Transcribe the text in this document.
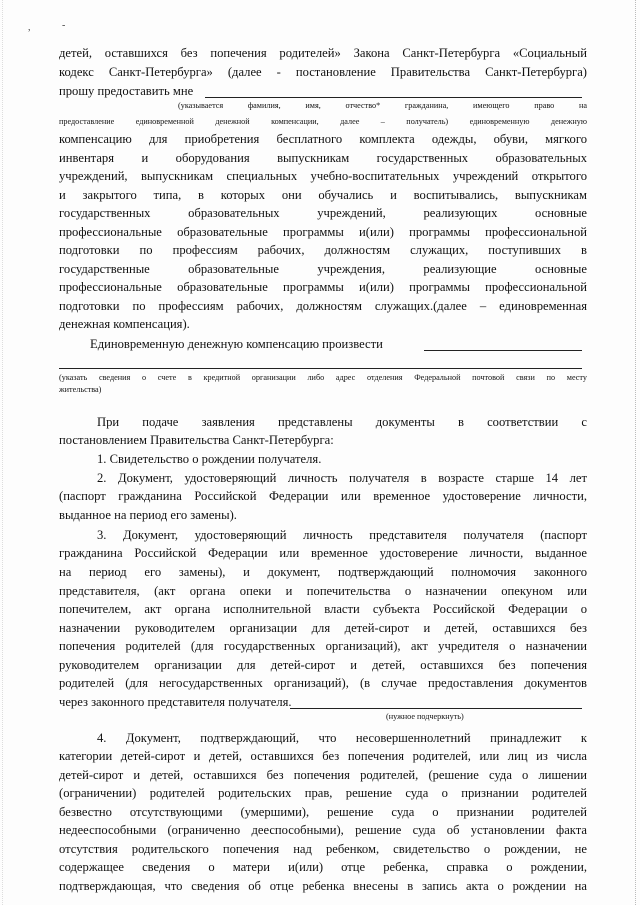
,	-
детей, оставшихся без попечения родителей» Закона Санкт-Петербурга «Социальный
кодекс Санкт-Петербурга» (далее - постановление Правительства Санкт-Петербурга)
прошу предоставить мне
(указывается фамилия, имя, отчество* гражданина, имеющего право на
предоставление единовременной денежной компенсации, далее – получатель) единовременную денежную
компенсацию для приобретения бесплатного комплекта одежды, обуви, мягкого
инвентаря и оборудования выпускникам государственных образовательных
учреждений, выпускникам специальных учебно-воспитательных учреждений открытого
и закрытого типа, в которых они обучались и воспитывались, выпускникам
государственных образовательных учреждений, реализующих основные
профессиональные образовательные программы и(или) программы профессиональной
подготовки по профессиям рабочих, должностям служащих, поступивших в
государственные образовательные учреждения, реализующие основные
профессиональные образовательные программы и(или) программы профессиональной
подготовки по профессиям рабочих, должностям служащих.(далее – единовременная
денежная компенсация).
Единовременную денежную компенсацию произвести
(указать сведения о счете в кредитной организации либо адрес отделения Федеральной почтовой связи по месту
жительства)
При подаче заявления представлены документы в соответствии с
постановлением Правительства Санкт-Петербурга:
1. Свидетельство о рождении получателя.
2. Документ, удостоверяющий личность получателя в возрасте старше 14 лет
(паспорт гражданина Российской Федерации или временное удостоверение личности,
выданное на период его замены).
3. Документ, удостоверяющий личность представителя получателя (паспорт
гражданина Российской Федерации или временное удостоверение личности, выданное
на период его замены), и документ, подтверждающий полномочия законного
представителя, (акт органа опеки и попечительства о назначении опекуном или
попечителем, акт органа исполнительной власти субъекта Российской Федерации о
назначении руководителем организации для детей-сирот и детей, оставшихся без
попечения родителей (для государственных организаций), акт учредителя о назначении
руководителем организации для детей-сирот и детей, оставшихся без попечения
родителей (для негосударственных организаций), (в случае предоставления документов
через законного представителя получателя.
(нужное подчеркнуть)
4. Документ, подтверждающий, что несовершеннолетний принадлежит к
категории детей-сирот и детей, оставшихся без попечения родителей, или лиц из числа
детей-сирот и детей, оставшихся без попечения родителей, (решение суда о лишении
(ограничении) родителей родительских прав, решение суда о признании родителей
безвестно отсутствующими (умершими), решение суда о признании родителей
недееспособными (ограниченно дееспособными), решение суда об установлении факта
отсутствия родительского попечения над ребенком, свидетельство о рождении, не
содержащее сведения о матери и(или) отце ребенка, справка о рождении,
подтверждающая, что сведения об отце ребенка внесены в запись акта о рождении на
